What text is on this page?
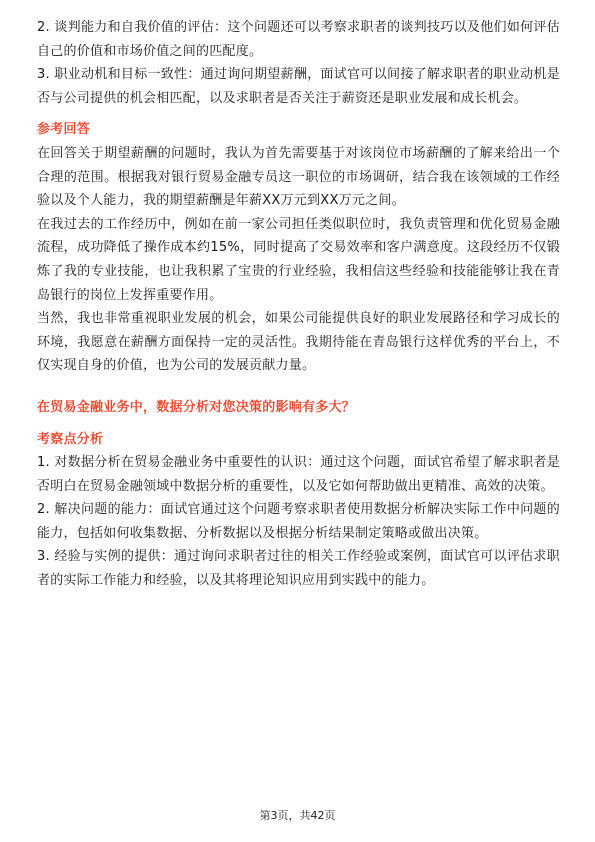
2. 谈判能力和自我价值的评估：这个问题还可以考察求职者的谈判技巧以及他们如何评估自己的价值和市场价值之间的匹配度。

3. 职业动机和目标一致性：通过询问期望薪酬，面试官可以间接了解求职者的职业动机是否与公司提供的机会相匹配，以及求职者是否关注于薪资还是职业发展和成长机会。

参考回答

在回答关于期望薪酬的问题时，我认为首先需要基于对该岗位市场薪酬的了解来给出一个合理的范围。根据我对银行贸易金融专员这一职位的市场调研，结合我在该领域的工作经验以及个人能力，我的期望薪酬是年薪XX万元到XX万元之间。

在我过去的工作经历中，例如在前一家公司担任类似职位时，我负责管理和优化贸易金融流程，成功降低了操作成本约15%，同时提高了交易效率和客户满意度。这段经历不仅锻炼了我的专业技能，也让我积累了宝贵的行业经验，我相信这些经验和技能能够让我在青岛银行的岗位上发挥重要作用。

当然，我也非常重视职业发展的机会，如果公司能提供良好的职业发展路径和学习成长的环境，我愿意在薪酬方面保持一定的灵活性。我期待能在青岛银行这样优秀的平台上，不仅实现自身的价值，也为公司的发展贡献力量。

在贸易金融业务中，数据分析对您决策的影响有多大？
考察点分析

1. 对数据分析在贸易金融业务中重要性的认识：通过这个问题，面试官希望了解求职者是否明白在贸易金融领域中数据分析的重要性，以及它如何帮助做出更精准、高效的决策。

2. 解决问题的能力：面试官通过这个问题考察求职者使用数据分析解决实际工作中问题的能力，包括如何收集数据、分析数据以及根据分析结果制定策略或做出决策。

3. 经验与实例的提供：通过询问求职者过往的相关工作经验或案例，面试官可以评估求职者的实际工作能力和经验，以及其将理论知识应用到实践中的能力。

第3页，共42页
